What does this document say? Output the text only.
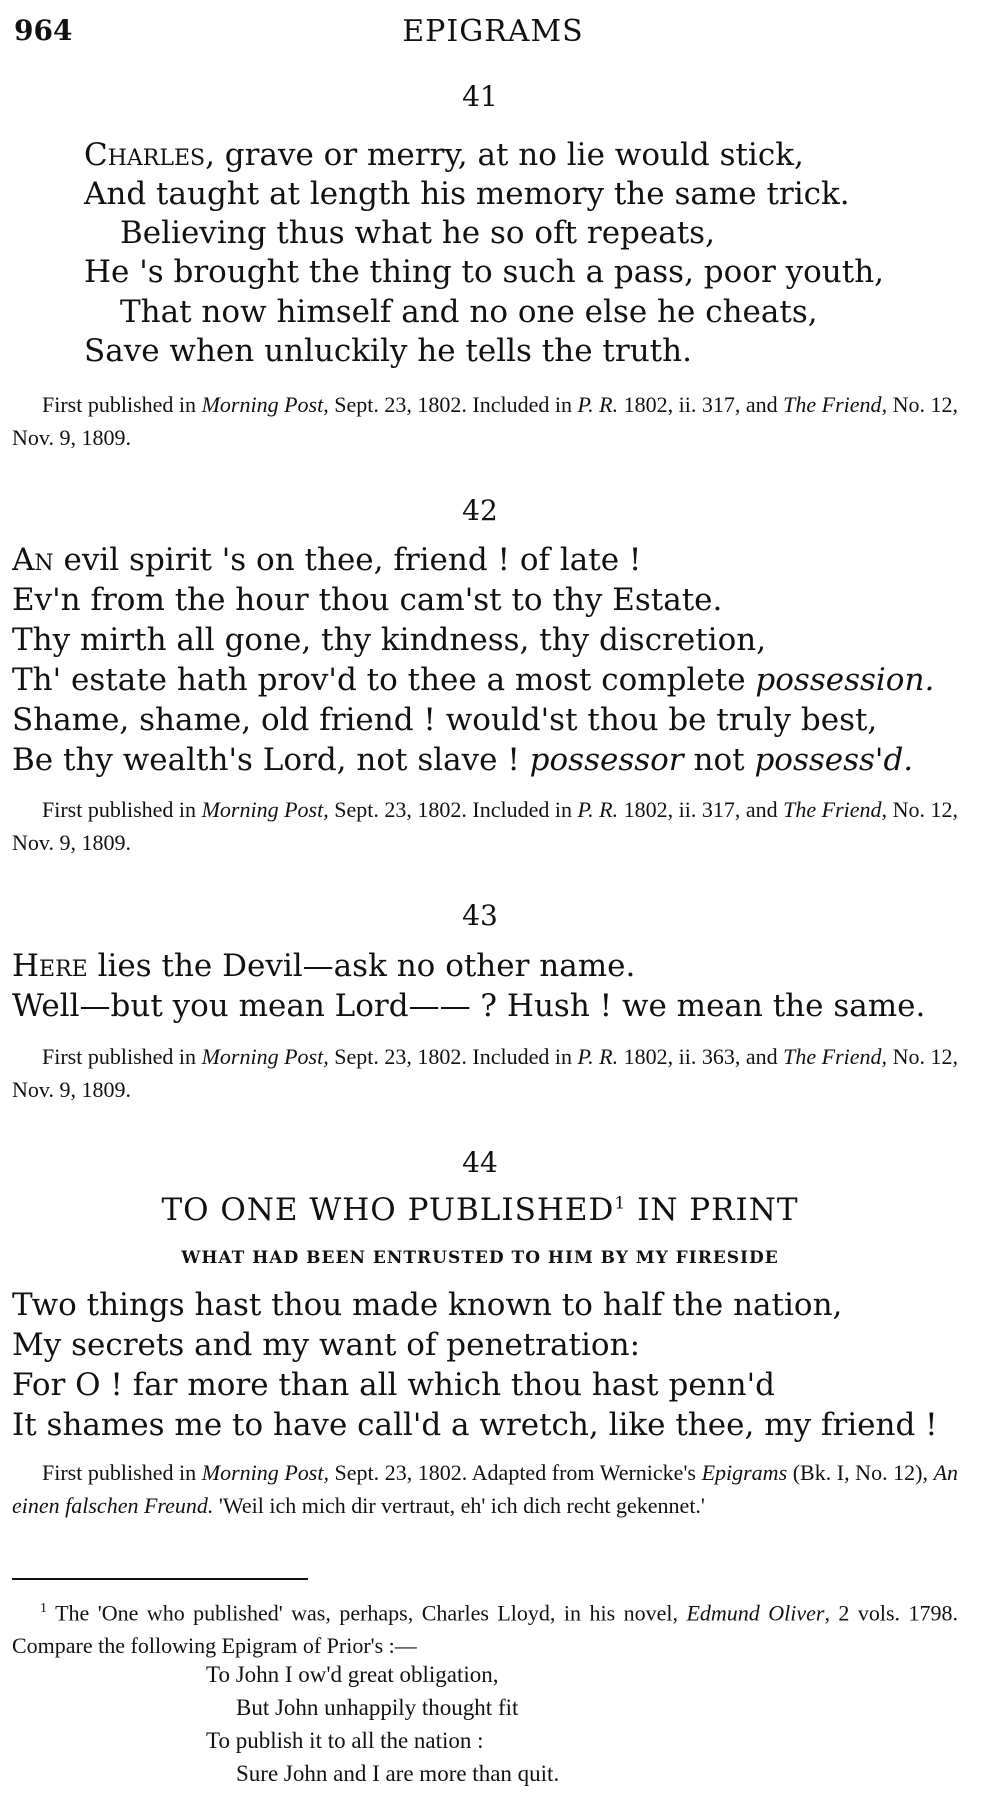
964	EPIGRAMS
41
Charles, grave or merry, at no lie would stick,
And taught at length his memory the same trick.
Believing thus what he so oft repeats,
He 's brought the thing to such a pass, poor youth,
That now himself and no one else he cheats,
Save when unluckily he tells the truth.
First published in Morning Post, Sept. 23, 1802. Included in P. R. 1802, ii. 317, and The Friend, No. 12, Nov. 9, 1809.
42
An evil spirit 's on thee, friend ! of late !
Ev'n from the hour thou cam'st to thy Estate.
Thy mirth all gone, thy kindness, thy discretion,
Th' estate hath prov'd to thee a most complete possession.
Shame, shame, old friend ! would'st thou be truly best,
Be thy wealth's Lord, not slave ! possessor not possess'd.
First published in Morning Post, Sept. 23, 1802. Included in P. R. 1802, ii. 317, and The Friend, No. 12, Nov. 9, 1809.
43
Here lies the Devil—ask no other name.
Well—but you mean Lord—— ? Hush ! we mean the same.
First published in Morning Post, Sept. 23, 1802. Included in P. R. 1802, ii. 363, and The Friend, No. 12, Nov. 9, 1809.
44
TO ONE WHO PUBLISHED$^1$ IN PRINT
WHAT HAD BEEN ENTRUSTED TO HIM BY MY FIRESIDE
Two things hast thou made known to half the nation,
My secrets and my want of penetration:
For O ! far more than all which thou hast penn'd
It shames me to have call'd a wretch, like thee, my friend !
First published in Morning Post, Sept. 23, 1802. Adapted from Wernicke's Epigrams (Bk. I, No. 12), An einen falschen Freund. 'Weil ich mich dir vertraut, eh' ich dich recht gekennet.'
$^1$ The 'One who published' was, perhaps, Charles Lloyd, in his novel, Edmund Oliver, 2 vols. 1798. Compare the following Epigram of Prior's :—
To John I ow'd great obligation,
But John unhappily thought fit
To publish it to all the nation :
Sure John and I are more than quit.
